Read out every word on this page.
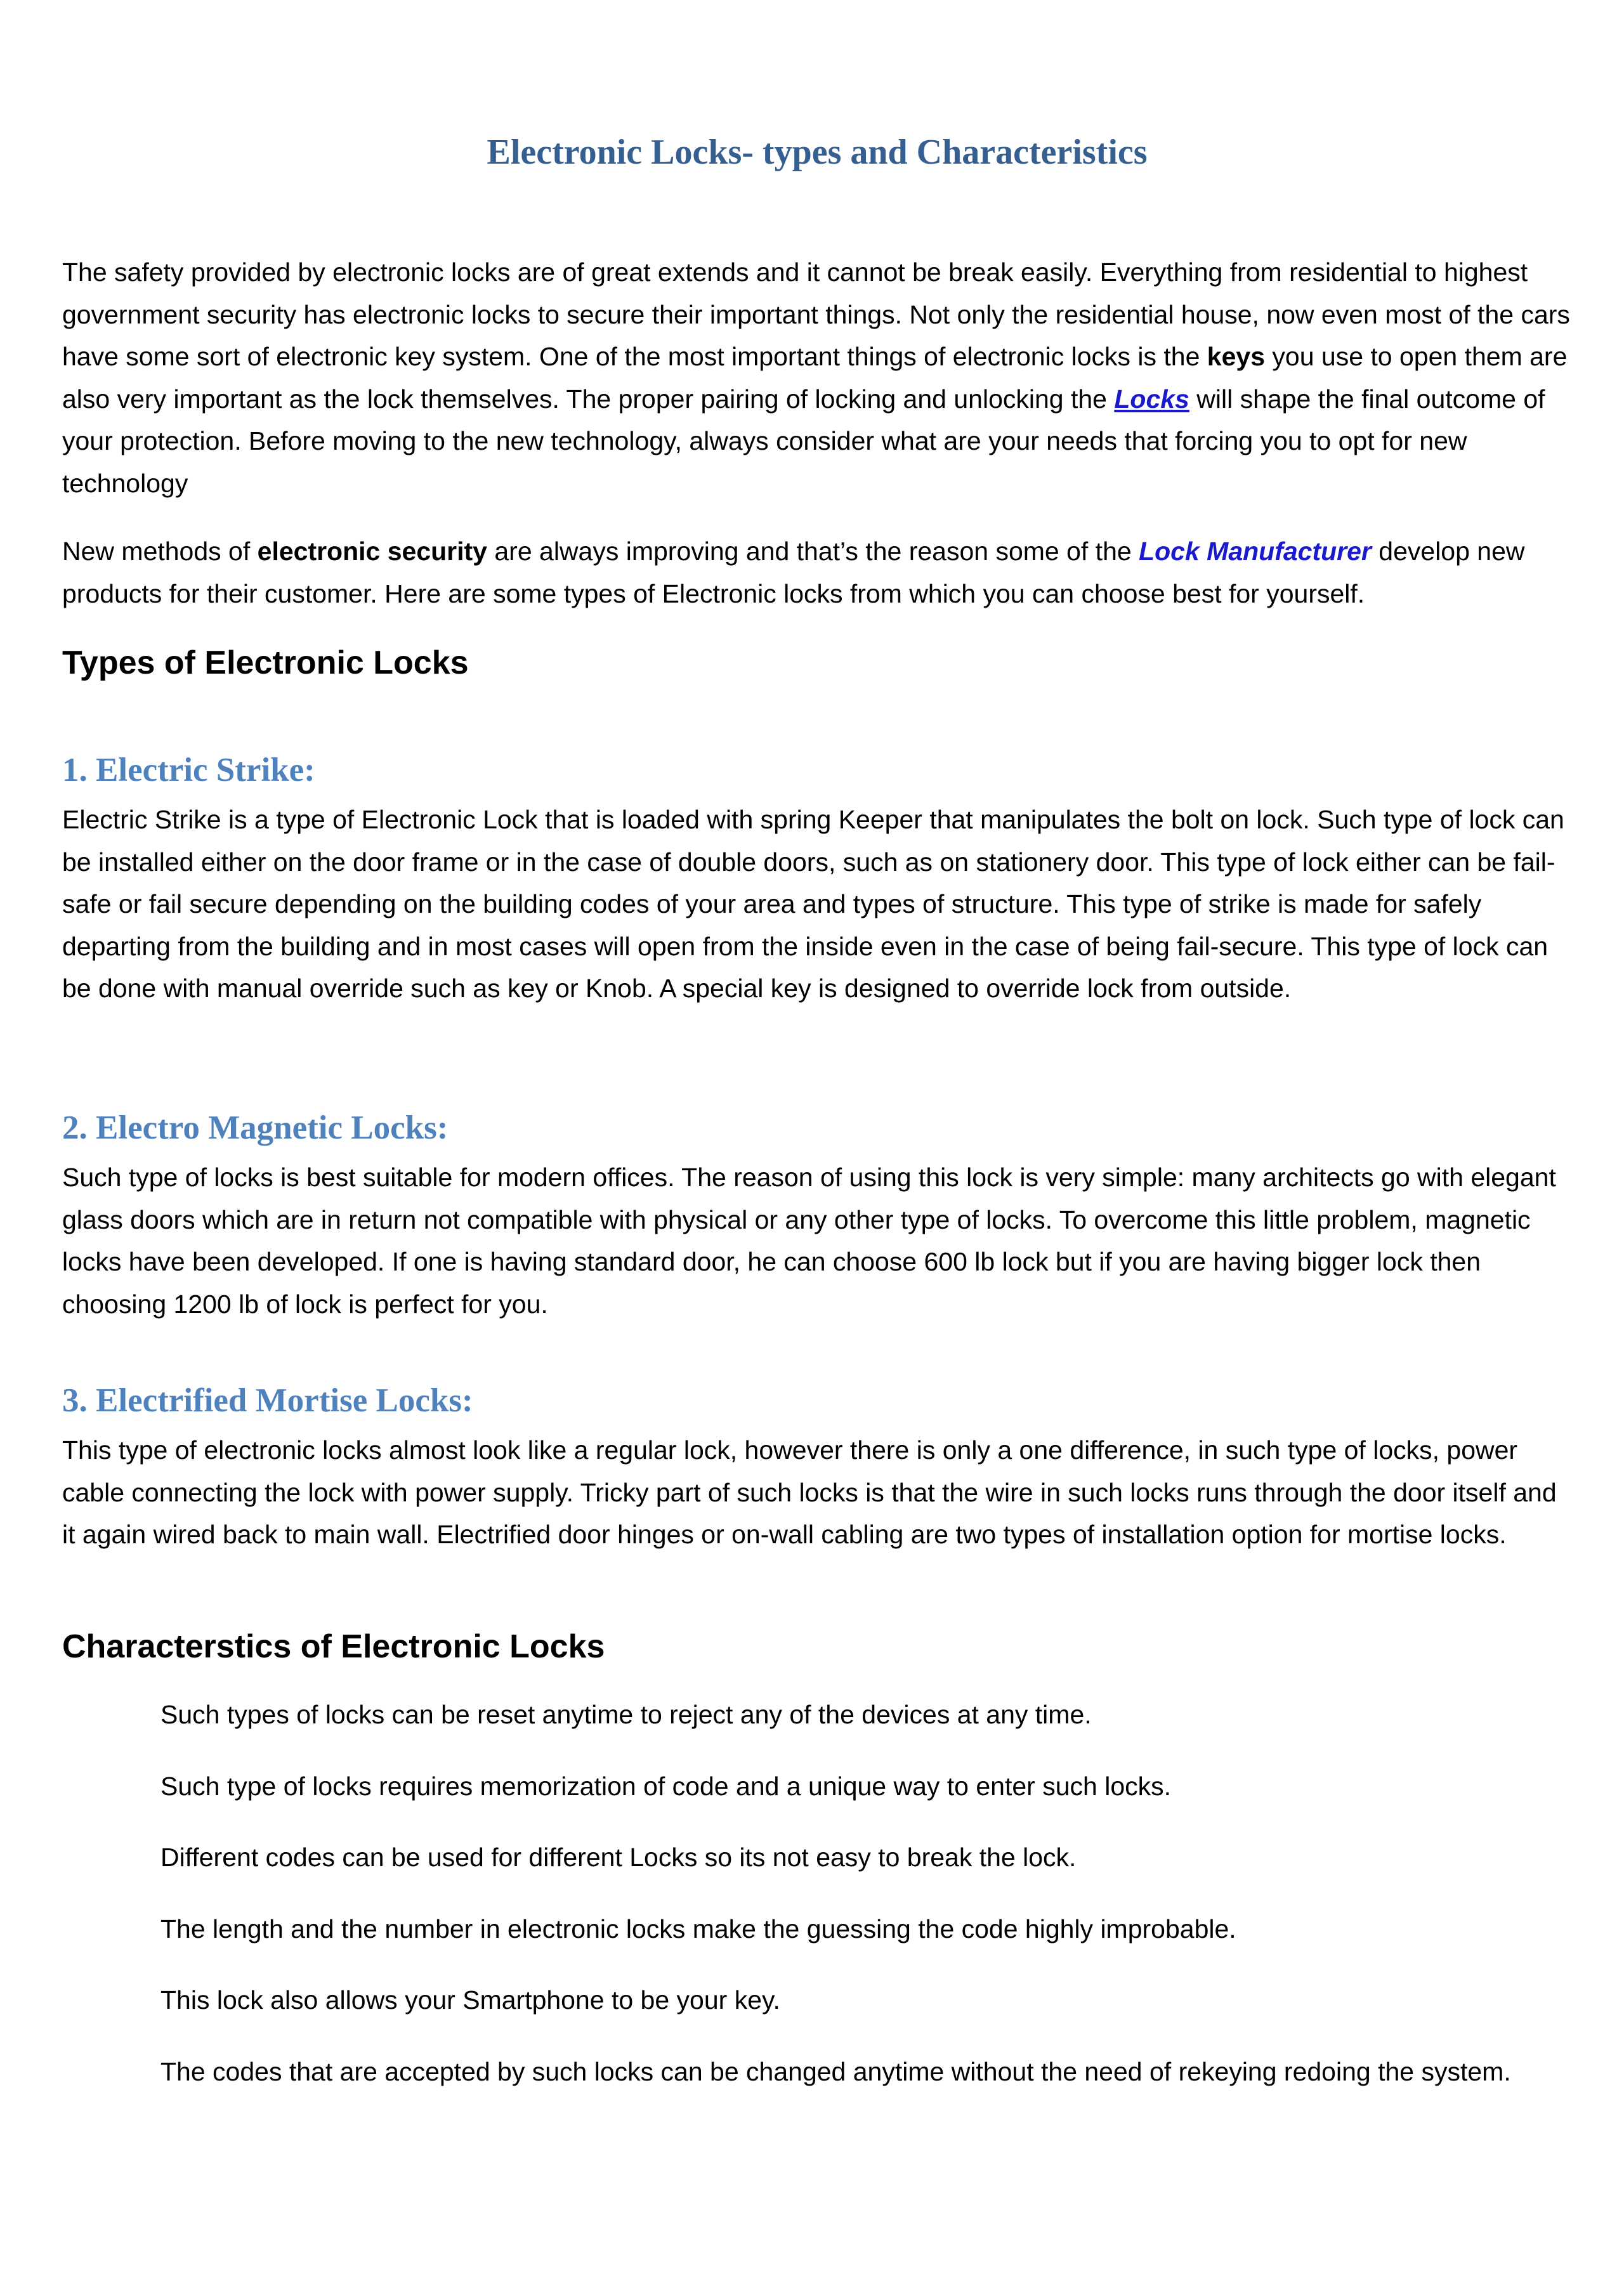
Electronic Locks- types and Characteristics

The safety provided by electronic locks are of great extends and it cannot be break easily. Everything from residential to highest government security has electronic locks to secure their important things. Not only the residential house, now even most of the cars have some sort of electronic key system. One of the most important things of electronic locks is the keys you use to open them are also very important as the lock themselves. The proper pairing of locking and unlocking the Locks will shape the final outcome of your protection. Before moving to the new technology, always consider what are your needs that forcing you to opt for new technology

New methods of electronic security are always improving and that’s the reason some of the Lock Manufacturer develop new products for their customer. Here are some types of Electronic locks from which you can choose best for yourself.

Types of Electronic Locks
1. Electric Strike:

Electric Strike is a type of Electronic Lock that is loaded with spring Keeper that manipulates the bolt on lock. Such type of lock can be installed either on the door frame or in the case of double doors, such as on stationery door. This type of lock either can be fail-safe or fail secure depending on the building codes of your area and types of structure. This type of strike is made for safely departing from the building and in most cases will open from the inside even in the case of being fail-secure. This type of lock can be done with manual override such as key or Knob. A special key is designed to override lock from outside.

2. Electro Magnetic Locks:

Such type of locks is best suitable for modern offices. The reason of using this lock is very simple: many architects go with elegant glass doors which are in return not compatible with physical or any other type of locks. To overcome this little problem, magnetic locks have been developed. If one is having standard door, he can choose 600 lb lock but if you are having bigger lock then choosing 1200 lb of lock is perfect for you.

3. Electrified Mortise Locks:

This type of electronic locks almost look like a regular lock, however there is only a one difference, in such type of locks, power cable connecting the lock with power supply. Tricky part of such locks is that the wire in such locks runs through the door itself and it again wired back to main wall. Electrified door hinges or on-wall cabling are two types of installation option for mortise locks.

Characterstics of Electronic Locks
Such types of locks can be reset anytime to reject any of the devices at any time.
Such type of locks requires memorization of code and a unique way to enter such locks.
Different codes can be used for different Locks so its not easy to break the lock.
The length and the number in electronic locks make the guessing the code highly improbable.
This lock also allows your Smartphone to be your key.
The codes that are accepted by such locks can be changed anytime without the need of rekeying redoing the system.
